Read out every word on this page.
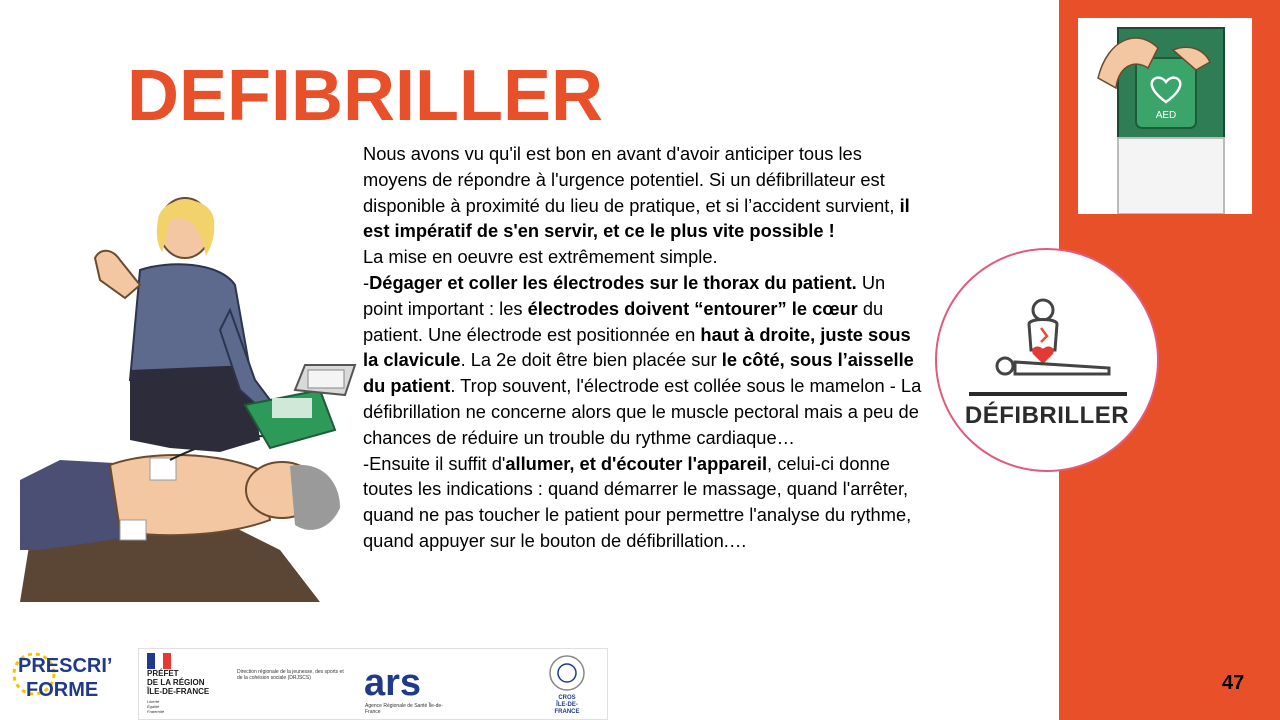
DEFIBRILLER

Nous avons vu qu'il est bon en avant d'avoir anticiper tous les moyens de répondre à l'urgence potentiel. Si un défibrillateur est disponible à proximité du lieu de pratique, et si l’accident survient, il est impératif de s'en servir, et ce le plus vite possible !

La mise en oeuvre est extrêmement simple.

-Dégager et coller les électrodes sur le thorax du patient. Un point important : les électrodes doivent “entourer” le cœur du patient. Une électrode est positionnée en haut à droite, juste sous la clavicule. La 2e doit être bien placée sur le côté, sous l’aisselle du patient. Trop souvent, l'électrode est collée sous le mamelon - La défibrillation ne concerne alors que le muscle pectoral mais a peu de chances de réduire un trouble du rythme cardiaque…

-Ensuite il suffit d'allumer, et d'écouter l'appareil, celui-ci donne toutes les indications : quand démarrer le massage, quand l'arrêter, quand ne pas toucher le patient pour permettre l'analyse du rythme, quand appuyer sur le bouton de défibrillation.…

AED
DÉFIBRILLER
47
PRESCRI’
FORME
PRÉFET
DE LA RÉGION
ÎLE-DE-FRANCE
Liberté
Égalité
Fraternité
Direction régionale de la jeunesse, des sports et de la cohésion sociale (DRJSCS)	ars
Agence Régionale de Santé Île-de-France
CROS
ÎLE-DE-FRANCE
